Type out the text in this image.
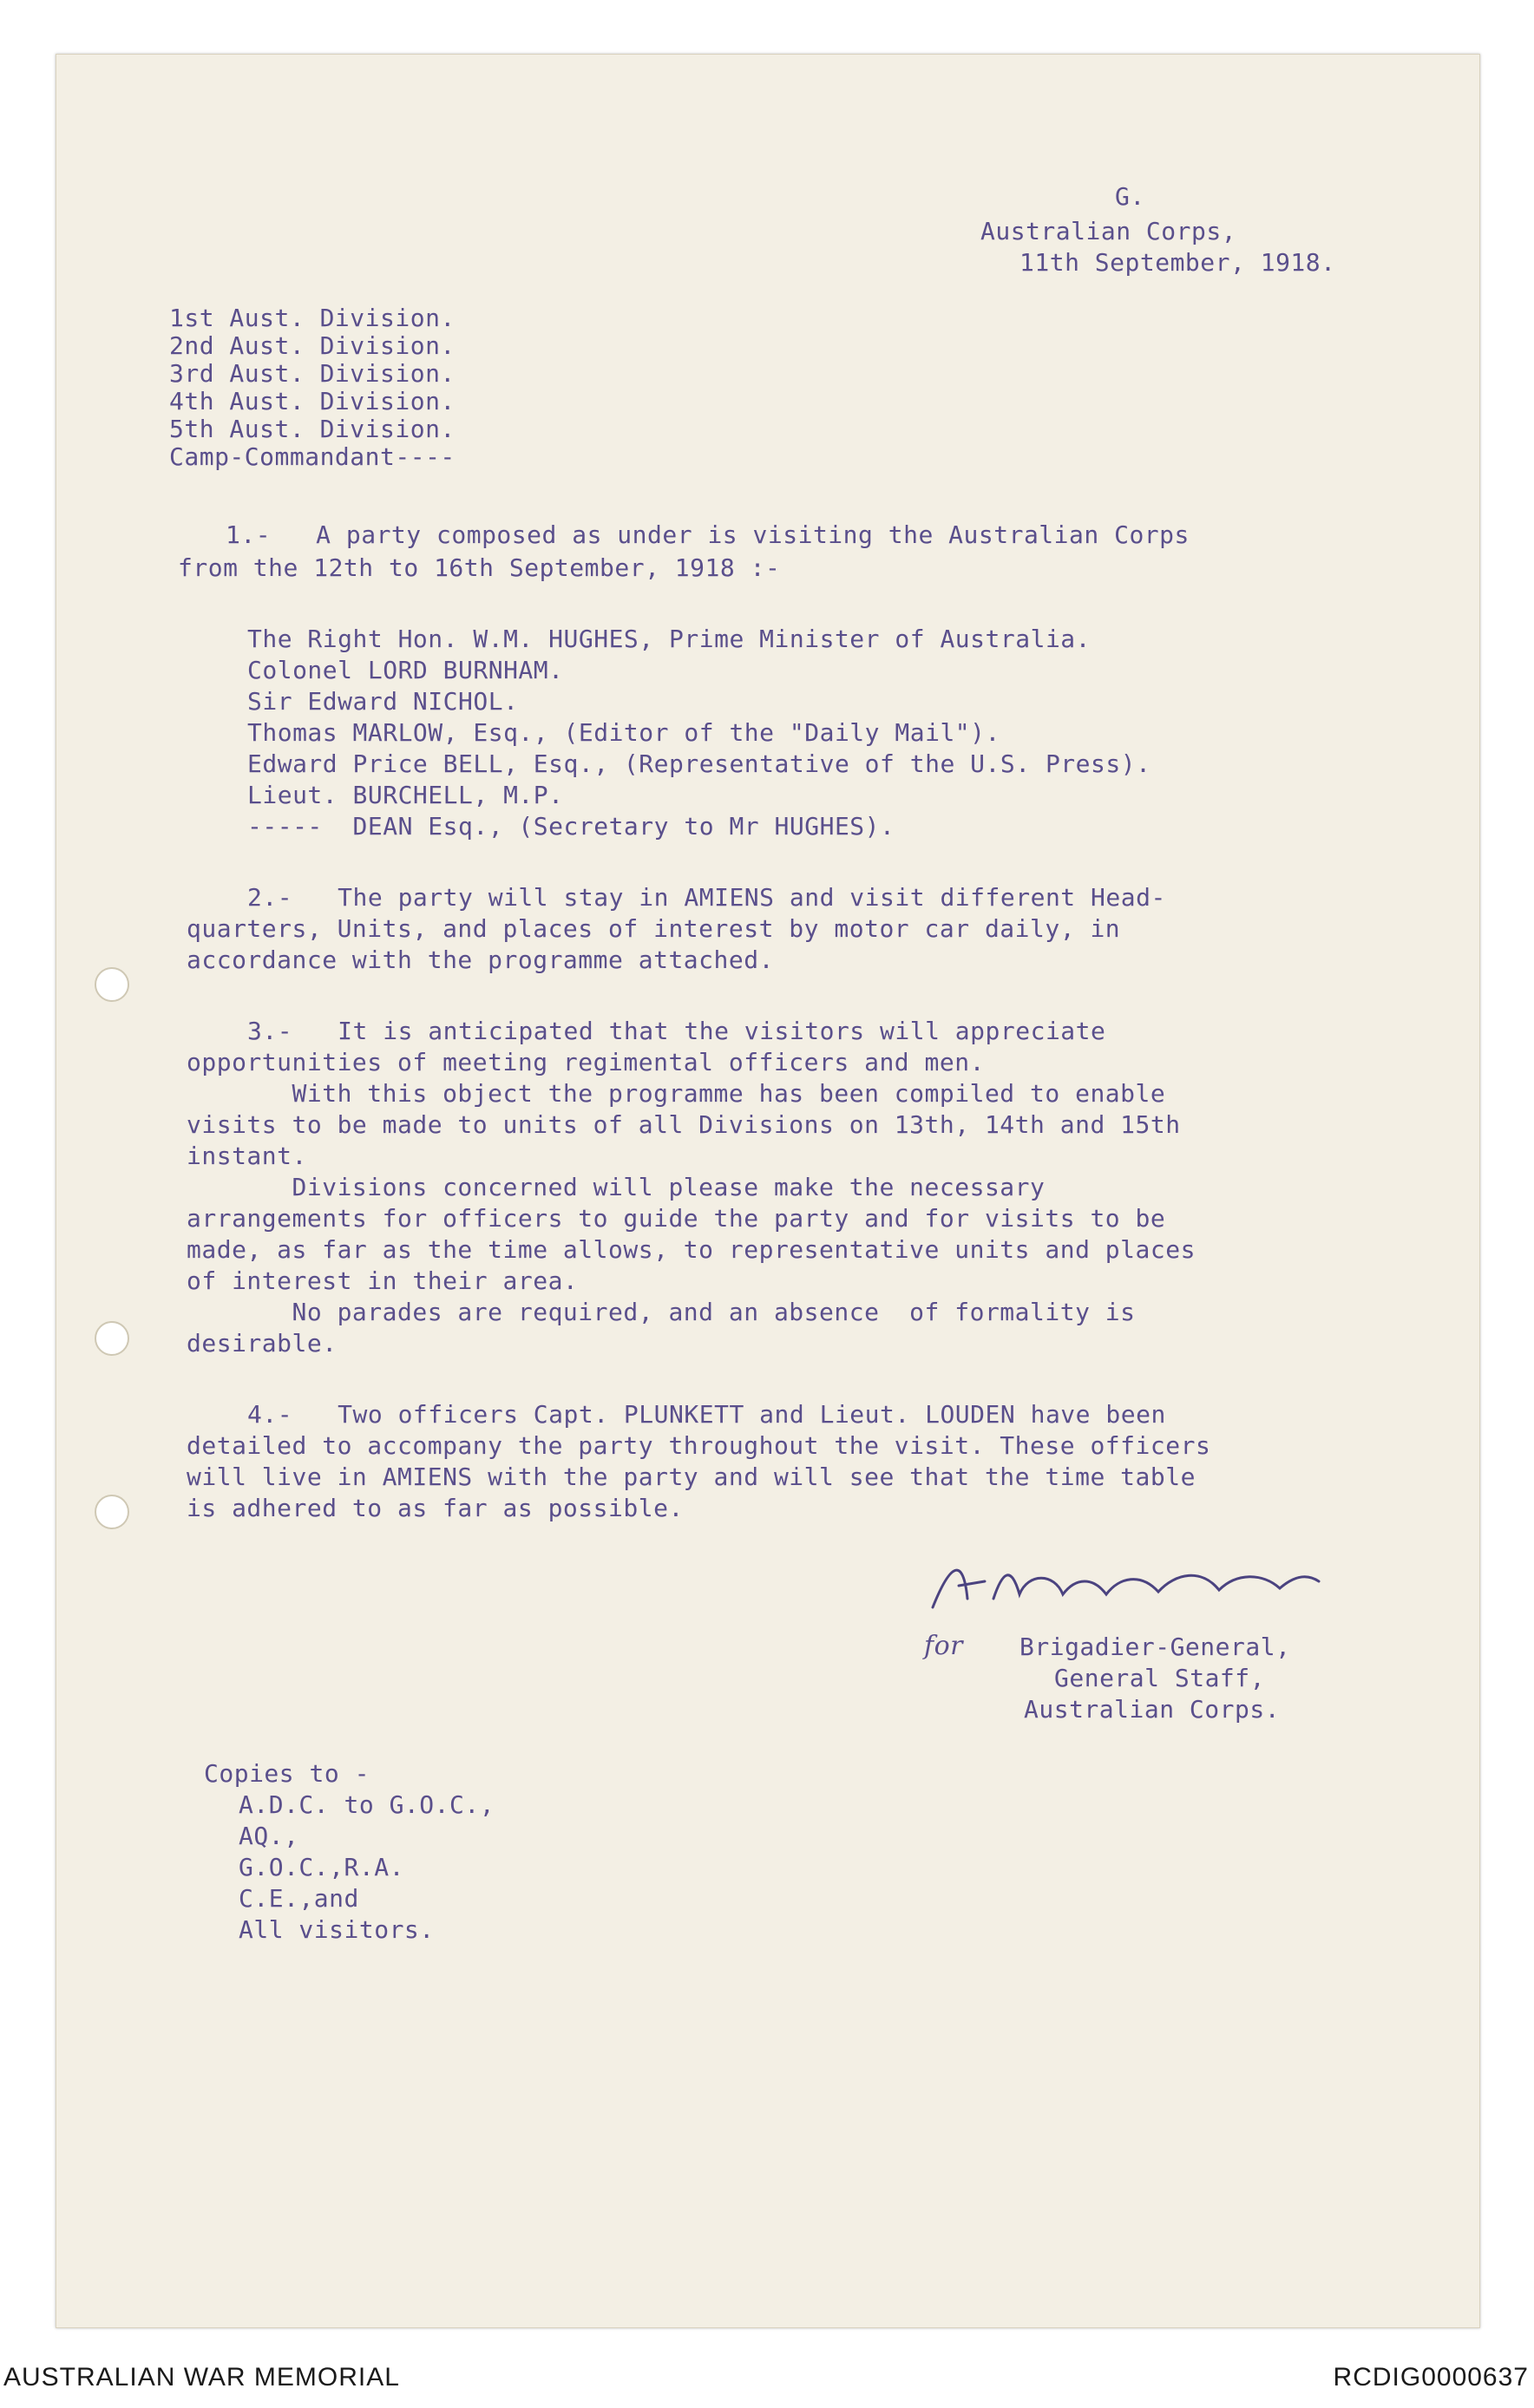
G.
Australian Corps,
11th September, 1918.
1st Aust. Division.
2nd Aust. Division.
3rd Aust. Division.
4th Aust. Division.
5th Aust. Division.
Camp-Commandant----
1.-   A party composed as under is visiting the Australian Corps
from the 12th to 16th September, 1918 :-
The Right Hon. W.M. HUGHES, Prime Minister of Australia.
Colonel LORD BURNHAM.
Sir Edward NICHOL.
Thomas MARLOW, Esq., (Editor of the "Daily Mail").
Edward Price BELL, Esq., (Representative of the U.S. Press).
Lieut. BURCHELL, M.P.
-----  DEAN Esq., (Secretary to Mr HUGHES).
2.-   The party will stay in AMIENS and visit different Head-
quarters, Units, and places of interest by motor car daily, in
accordance with the programme attached.
3.-   It is anticipated that the visitors will appreciate
opportunities of meeting regimental officers and men.
With this object the programme has been compiled to enable
visits to be made to units of all Divisions on 13th, 14th and 15th
instant.
Divisions concerned will please make the necessary
arrangements for officers to guide the party and for visits to be
made, as far as the time allows, to representative units and places
of interest in their area.
No parades are required, and an absence  of formality is
desirable.
4.-   Two officers Capt. PLUNKETT and Lieut. LOUDEN have been
detailed to accompany the party throughout the visit. These officers
will live in AMIENS with the party and will see that the time table
is adhered to as far as possible.
for Brigadier-General,
General Staff,
Australian Corps.
Copies to -
A.D.C. to G.O.C.,
AQ.,
G.O.C.,R.A.
C.E.,and
All visitors.
AUSTRALIAN WAR MEMORIAL	RCDIG0000637
